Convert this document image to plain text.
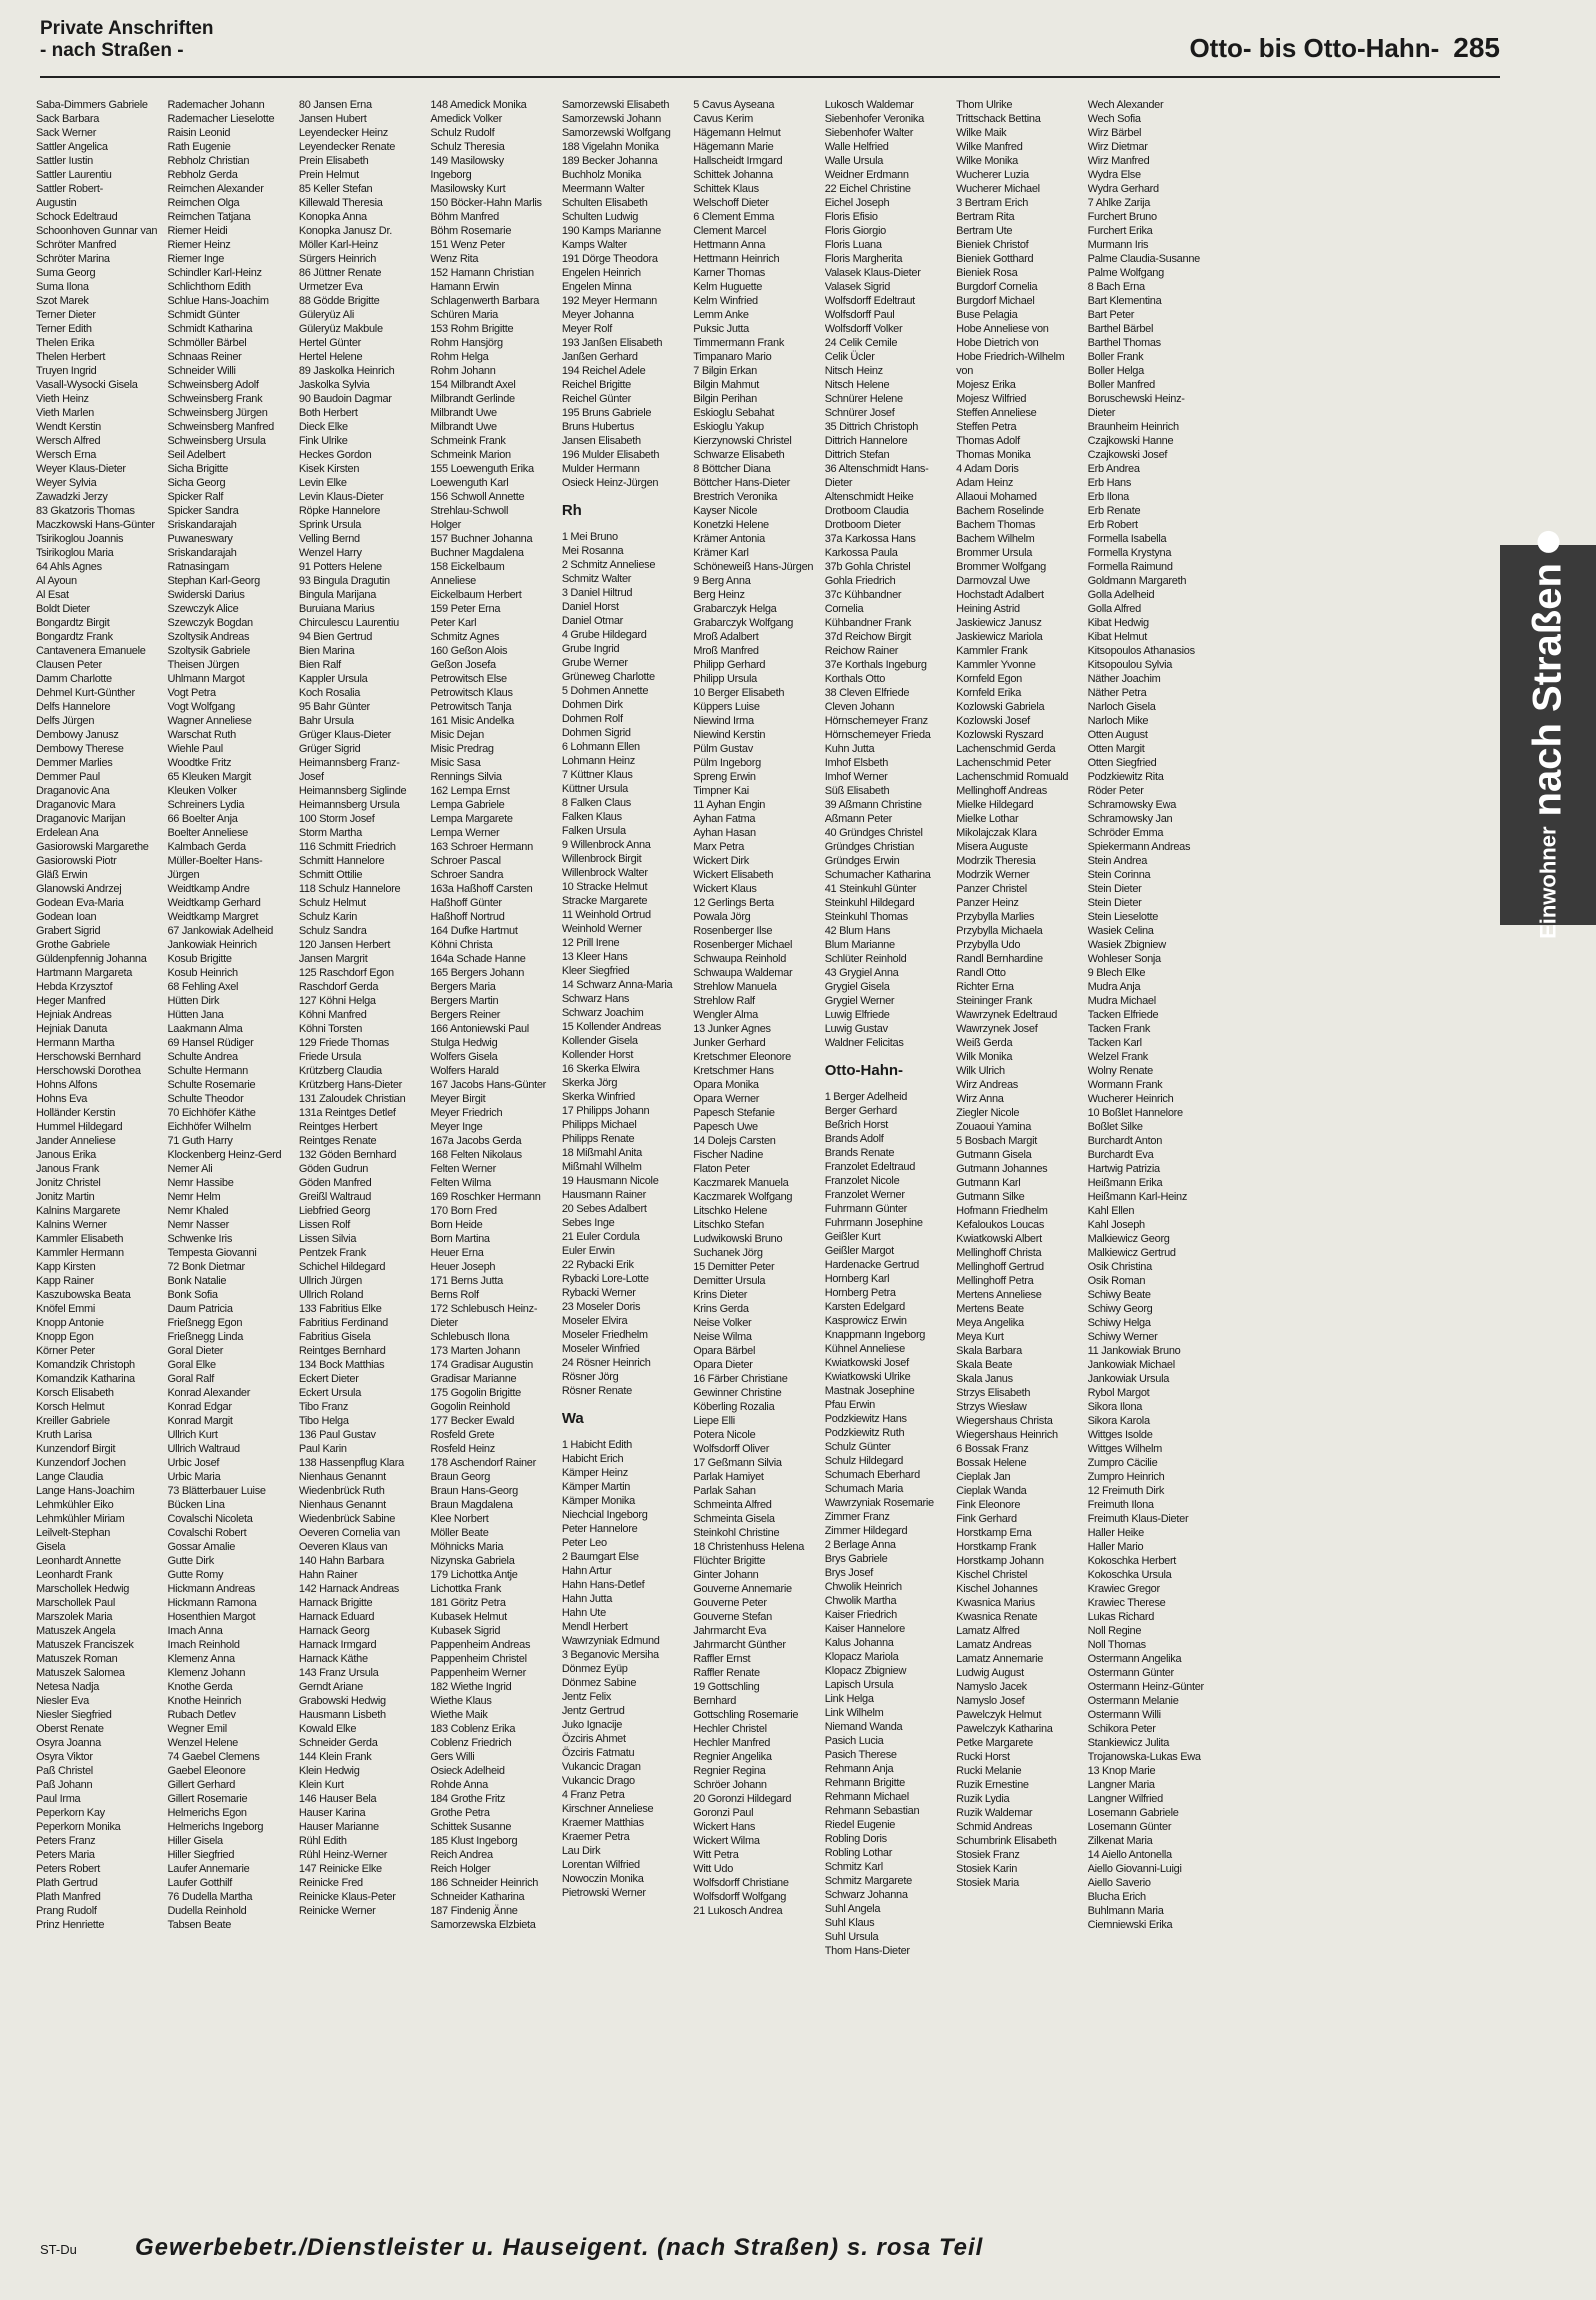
Private Anschriften
- nach Straßen -	Otto- bis Otto-Hahn- 285
Saba-Dimmers Gabriele
Sack Barbara
Sack Werner
Sattler Angelica
Sattler Iustin
Sattler Laurentiu
Sattler Robert-
Augustin
Schock Edeltraud
Schoonhoven Gunnar van
Schröter Manfred
Schröter Marina
Suma Georg
Suma Ilona
Szot Marek
Terner Dieter
Terner Edith
Thelen Erika
Thelen Herbert
Truyen Ingrid
Vasall-Wysocki Gisela
Vieth Heinz
Vieth Marlen
Wendt Kerstin
Wersch Alfred
Wersch Erna
Weyer Klaus-Dieter
Weyer Sylvia
Zawadzki Jerzy
83 Gkatzoris Thomas
Maczkowski Hans-Günter
Tsirikoglou Joannis
Tsirikoglou Maria
64 Ahls Agnes
Al Ayoun
Al Esat
Boldt Dieter
Bongardtz Birgit
Bongardtz Frank
Cantavenera Emanuele
Clausen Peter
Damm Charlotte
Dehmel Kurt-Günther
Delfs Hannelore
Delfs Jürgen
Dembowy Janusz
Dembowy Therese
Demmer Marlies
Demmer Paul
Draganovic Ana
Draganovic Mara
Draganovic Marijan
Erdelean Ana
Gasiorowski Margarethe
Gasiorowski Piotr
Gläß Erwin
Glanowski Andrzej
Godean Eva-Maria
Godean Ioan
Grabert Sigrid
Grothe Gabriele
Güldenpfennig Johanna
Hartmann Margareta
Hebda Krzysztof
Heger Manfred
Hejniak Andreas
Hejniak Danuta
Hermann Martha
Herschowski Bernhard
Herschowski Dorothea
Hohns Alfons
Hohns Eva
Holländer Kerstin
Hummel Hildegard
Jander Anneliese
Janous Erika
Janous Frank
Jonitz Christel
Jonitz Martin
Kalnins Margarete
Kalnins Werner
Kammler Elisabeth
Kammler Hermann
Kapp Kirsten
Kapp Rainer
Kaszubowska Beata
Knöfel Emmi
Knopp Antonie
Knopp Egon
Körner Peter
Komandzik Christoph
Komandzik Katharina
Korsch Elisabeth
Korsch Helmut
Kreiller Gabriele
Kruth Larisa
Kunzendorf Birgit
Kunzendorf Jochen
Lange Claudia
Lange Hans-Joachim
Lehmkühler Eiko
Lehmkühler Miriam
Leilvelt-Stephan
Gisela
Leonhardt Annette
Leonhardt Frank
Marschollek Hedwig
Marschollek Paul
Marszolek Maria
Matuszek Angela
Matuszek Franciszek
Matuszek Roman
Matuszek Salomea
Netesa Nadja
Niesler Eva
Niesler Siegfried
Oberst Renate
Osyra Joanna
Osyra Viktor
Paß Christel
Paß Johann
Paul Irma
Peperkorn Kay
Peperkorn Monika
Peters Franz
Peters Maria
Peters Robert
Plath Gertrud
Plath Manfred
Prang Rudolf
Prinz Henriette
Rademacher Johann
Rademacher Lieselotte
Raisin Leonid
Rath Eugenie
Rebholz Christian
Rebholz Gerda
Reimchen Alexander
Reimchen Olga
Reimchen Tatjana
Riemer Heidi
Riemer Heinz
Riemer Inge
Schindler Karl-Heinz
Schlichthorn Edith
Schlue Hans-Joachim
Schmidt Günter
Schmidt Katharina
Schmöller Bärbel
Schnaas Reiner
Schneider Willi
Schweinsberg Adolf
Schweinsberg Frank
Schweinsberg Jürgen
Schweinsberg Manfred
Schweinsberg Ursula
Seil Adelbert
Sicha Brigitte
Sicha Georg
Spicker Ralf
Spicker Sandra
Sriskandarajah
Puwaneswary
Sriskandarajah
Ratnasingam
Stephan Karl-Georg
Swiderski Darius
Szewczyk Alice
Szewczyk Bogdan
Szoltysik Andreas
Szoltysik Gabriele
Theisen Jürgen
Uhlmann Margot
Vogt Petra
Vogt Wolfgang
Wagner Anneliese
Warschat Ruth
Wiehle Paul
Woodtke Fritz
65 Kleuken Margit
Kleuken Volker
Schreiners Lydia
66 Boelter Anja
Boelter Anneliese
Kalmbach Gerda
Müller-Boelter Hans-
Jürgen
Weidtkamp Andre
Weidtkamp Gerhard
Weidtkamp Margret
67 Jankowiak Adelheid
Jankowiak Heinrich
Kosub Brigitte
Kosub Heinrich
68 Fehling Axel
Hütten Dirk
Hütten Jana
Laakmann Alma
69 Hansel Rüdiger
Schulte Andrea
Schulte Hermann
Schulte Rosemarie
Schulte Theodor
70 Eichhöfer Käthe
Eichhöfer Wilhelm
71 Guth Harry
Klockenberg Heinz-Gerd
Nemer Ali
Nemr Hassibe
Nemr Helm
Nemr Khaled
Nemr Nasser
Schwenke Iris
Tempesta Giovanni
72 Bonk Dietmar
Bonk Natalie
Bonk Sofia
Daum Patricia
Frießnegg Egon
Frießnegg Linda
Goral Dieter
Goral Elke
Goral Ralf
Konrad Alexander
Konrad Edgar
Konrad Margit
Ullrich Kurt
Ullrich Waltraud
Urbic Josef
Urbic Maria
73 Blätterbauer Luise
Bücken Lina
Covalschi Nicoleta
Covalschi Robert
Gossar Amalie
Gutte Dirk
Gutte Romy
Hickmann Andreas
Hickmann Ramona
Hosenthien Margot
Imach Anna
Imach Reinhold
Klemenz Anna
Klemenz Johann
Knothe Gerda
Knothe Heinrich
Rubach Detlev
Wegner Emil
Wenzel Helene
74 Gaebel Clemens
Gaebel Eleonore
Gillert Gerhard
Gillert Rosemarie
Helmerichs Egon
Helmerichs Ingeborg
Hiller Gisela
Hiller Siegfried
Laufer Annemarie
Laufer Gotthilf
76 Dudella Martha
Dudella Reinhold
Tabsen Beate
80 Jansen Erna
Jansen Hubert
Leyendecker Heinz
Leyendecker Renate
Prein Elisabeth
Prein Helmut
85 Keller Stefan
Killewald Theresia
Konopka Anna
Konopka Janusz Dr.
Möller Karl-Heinz
Sürgers Heinrich
86 Jüttner Renate
Urmetzer Eva
88 Gödde Brigitte
Güleryüz Ali
Güleryüz Makbule
Hertel Günter
Hertel Helene
89 Jaskolka Heinrich
Jaskolka Sylvia
90 Baudoin Dagmar
Both Herbert
Dieck Elke
Fink Ulrike
Heckes Gordon
Kisek Kirsten
Levin Elke
Levin Klaus-Dieter
Röpke Hannelore
Sprink Ursula
Velling Bernd
Wenzel Harry
91 Potters Helene
93 Bingula Dragutin
Bingula Marijana
Buruiana Marius
Chirculescu Laurentiu
94 Bien Gertrud
Bien Marina
Bien Ralf
Kappler Ursula
Koch Rosalia
95 Bahr Günter
Bahr Ursula
Grüger Klaus-Dieter
Grüger Sigrid
Heimannsberg Franz-
Josef
Heimannsberg Siglinde
Heimannsberg Ursula
100 Storm Josef
Storm Martha
116 Schmitt Friedrich
Schmitt Hannelore
Schmitt Ottilie
118 Schulz Hannelore
Schulz Helmut
Schulz Karin
Schulz Sandra
120 Jansen Herbert
Jansen Margrit
125 Raschdorf Egon
Raschdorf Gerda
127 Köhni Helga
Köhni Manfred
Köhni Torsten
129 Friede Thomas
Friede Ursula
Krützberg Claudia
Krützberg Hans-Dieter
131 Zaloudek Christian
131a Reintges Detlef
Reintges Herbert
Reintges Renate
132 Göden Bernhard
Göden Gudrun
Göden Manfred
Greißl Waltraud
Liebfried Georg
Lissen Rolf
Lissen Silvia
Pentzek Frank
Schichel Hildegard
Ullrich Jürgen
Ullrich Roland
133 Fabritius Elke
Fabritius Ferdinand
Fabritius Gisela
Reintges Bernhard
134 Bock Matthias
Eckert Dieter
Eckert Ursula
Tibo Franz
Tibo Helga
136 Paul Gustav
Paul Karin
138 Hassenpflug Klara
Nienhaus Genannt
Wiedenbrück Ruth
Nienhaus Genannt
Wiedenbrück Sabine
Oeveren Cornelia van
Oeveren Klaus van
140 Hahn Barbara
Hahn Rainer
142 Harnack Andreas
Harnack Brigitte
Harnack Eduard
Harnack Georg
Harnack Irmgard
Harnack Käthe
143 Franz Ursula
Gerndt Ariane
Grabowski Hedwig
Hausmann Lisbeth
Kowald Elke
Schneider Gerda
144 Klein Frank
Klein Hedwig
Klein Kurt
146 Hauser Bela
Hauser Karina
Hauser Marianne
Rühl Edith
Rühl Heinz-Werner
147 Reinicke Elke
Reinicke Fred
Reinicke Klaus-Peter
Reinicke Werner
148 Amedick Monika
Amedick Volker
Schulz Rudolf
Schulz Theresia
149 Masilowsky
Ingeborg
Masilowsky Kurt
150 Böcker-Hahn Marlis
Böhm Manfred
Böhm Rosemarie
151 Wenz Peter
Wenz Rita
152 Hamann Christian
Hamann Erwin
Schlagenwerth Barbara
Schüren Maria
153 Rohm Brigitte
Rohm Hansjörg
Rohm Helga
Rohm Johann
154 Milbrandt Axel
Milbrandt Gerlinde
Milbrandt Uwe
Milbrandt Uwe
Schmeink Frank
Schmeink Marion
155 Loewenguth Erika
Loewenguth Karl
156 Schwoll Annette
Strehlau-Schwoll
Holger
157 Buchner Johanna
Buchner Magdalena
158 Eickelbaum
Anneliese
Eickelbaum Herbert
159 Peter Erna
Peter Karl
Schmitz Agnes
160 Geßon Alois
Geßon Josefa
Petrowitsch Else
Petrowitsch Klaus
Petrowitsch Tanja
161 Misic Andelka
Misic Dejan
Misic Predrag
Misic Sasa
Rennings Silvia
162 Lempa Ernst
Lempa Gabriele
Lempa Margarete
Lempa Werner
163 Schroer Hermann
Schroer Pascal
Schroer Sandra
163a Haßhoff Carsten
Haßhoff Günter
Haßhoff Nortrud
164 Dufke Hartmut
Köhni Christa
164a Schade Hanne
165 Bergers Johann
Bergers Maria
Bergers Martin
Bergers Reiner
166 Antoniewski Paul
Stulga Hedwig
Wolfers Gisela
Wolfers Harald
167 Jacobs Hans-Günter
Meyer Birgit
Meyer Friedrich
Meyer Inge
167a Jacobs Gerda
168 Felten Nikolaus
Felten Werner
Felten Wilma
169 Roschker Hermann
170 Born Fred
Born Heide
Born Martina
Heuer Erna
Heuer Joseph
171 Berns Jutta
Berns Rolf
172 Schlebusch Heinz-
Dieter
Schlebusch Ilona
173 Marten Johann
174 Gradisar Augustin
Gradisar Marianne
175 Gogolin Brigitte
Gogolin Reinhold
177 Becker Ewald
Rosfeld Grete
Rosfeld Heinz
178 Aschendorf Rainer
Braun Georg
Braun Hans-Georg
Braun Magdalena
Klee Norbert
Möller Beate
Möhnicks Maria
Nizynska Gabriela
179 Lichottka Antje
Lichottka Frank
181 Göritz Petra
Kubasek Helmut
Kubasek Sigrid
Pappenheim Andreas
Pappenheim Christel
Pappenheim Werner
182 Wiethe Ingrid
Wiethe Klaus
Wiethe Maik
183 Coblenz Erika
Coblenz Friedrich
Gers Willi
Osieck Adelheid
Rohde Anna
184 Grothe Fritz
Grothe Petra
Schittek Susanne
185 Klust Ingeborg
Reich Andrea
Reich Holger
186 Schneider Heinrich
Schneider Katharina
187 Findenig Änne
Samorzewska Elzbieta
Samorzewski Elisabeth
Samorzewski Johann
Samorzewski Wolfgang
188 Vigelahn Monika
189 Becker Johanna
Buchholz Monika
Meermann Walter
Schulten Elisabeth
Schulten Ludwig
190 Kamps Marianne
Kamps Walter
191 Dörge Theodora
Engelen Heinrich
Engelen Minna
192 Meyer Hermann
Meyer Johanna
Meyer Rolf
193 Janßen Elisabeth
Janßen Gerhard
194 Reichel Adele
Reichel Brigitte
Reichel Günter
195 Bruns Gabriele
Bruns Hubertus
Jansen Elisabeth
196 Mulder Elisabeth
Mulder Hermann
Osieck Heinz-Jürgen
Rh
1 Mei Bruno
Mei Rosanna
2 Schmitz Anneliese
Schmitz Walter
3 Daniel Hiltrud
Daniel Horst
Daniel Otmar
4 Grube Hildegard
Grube Ingrid
Grube Werner
Grüneweg Charlotte
5 Dohmen Annette
Dohmen Dirk
Dohmen Rolf
Dohmen Sigrid
6 Lohmann Ellen
Lohmann Heinz
7 Küttner Klaus
Küttner Ursula
8 Falken Claus
Falken Klaus
Falken Ursula
9 Willenbrock Anna
Willenbrock Birgit
Willenbrock Walter
10 Stracke Helmut
Stracke Margarete
11 Weinhold Ortrud
Weinhold Werner
12 Prill Irene
13 Kleer Hans
Kleer Siegfried
14 Schwarz Anna-Maria
Schwarz Hans
Schwarz Joachim
15 Kollender Andreas
Kollender Gisela
Kollender Horst
16 Skerka Elwira
Skerka Jörg
Skerka Winfried
17 Philipps Johann
Philipps Michael
Philipps Renate
18 Mißmahl Anita
Mißmahl Wilhelm
19 Hausmann Nicole
Hausmann Rainer
20 Sebes Adalbert
Sebes Inge
21 Euler Cordula
Euler Erwin
22 Rybacki Erik
Rybacki Lore-Lotte
Rybacki Werner
23 Moseler Doris
Moseler Elvira
Moseler Friedhelm
Moseler Winfried
24 Rösner Heinrich
Rösner Jörg
Rösner Renate
Wa
1 Habicht Edith
Habicht Erich
Kämper Heinz
Kämper Martin
Kämper Monika
Niechcial Ingeborg
Peter Hannelore
Peter Leo
2 Baumgart Else
Hahn Artur
Hahn Hans-Detlef
Hahn Jutta
Hahn Ute
Mendl Herbert
Wawrzyniak Edmund
3 Beganovic Mersiha
Dönmez Eyüp
Dönmez Sabine
Jentz Felix
Jentz Gertrud
Juko Ignacije
Özciris Ahmet
Özciris Fatmatu
Vukancic Dragan
Vukancic Drago
4 Franz Petra
Kirschner Anneliese
Kraemer Matthias
Kraemer Petra
Lau Dirk
Lorentan Wilfried
Nowoczin Monika
Pietrowski Werner
5 Cavus Ayseana
Cavus Kerim
Hägemann Helmut
Hägemann Marie
Hallscheidt Irmgard
Schittek Johanna
Schittek Klaus
Welschoff Dieter
6 Clement Emma
Clement Marcel
Hettmann Anna
Hettmann Heinrich
Karner Thomas
Kelm Huguette
Kelm Winfried
Lemm Anke
Puksic Jutta
Timmermann Frank
Timpanaro Mario
7 Bilgin Erkan
Bilgin Mahmut
Bilgin Perihan
Eskioglu Sebahat
Eskioglu Yakup
Kierzynowski Christel
Schwarze Elisabeth
8 Böttcher Diana
Böttcher Hans-Dieter
Brestrich Veronika
Kayser Nicole
Konetzki Helene
Krämer Antonia
Krämer Karl
Schöneweiß Hans-Jürgen
9 Berg Anna
Berg Heinz
Grabarczyk Helga
Grabarczyk Wolfgang
Mroß Adalbert
Mroß Manfred
Philipp Gerhard
Philipp Ursula
10 Berger Elisabeth
Küppers Luise
Niewind Irma
Niewind Kerstin
Pülm Gustav
Pülm Ingeborg
Spreng Erwin
Timpner Kai
11 Ayhan Engin
Ayhan Fatma
Ayhan Hasan
Marx Petra
Wickert Dirk
Wickert Elisabeth
Wickert Klaus
12 Gerlings Berta
Powala Jörg
Rosenberger Ilse
Rosenberger Michael
Schwaupa Reinhold
Schwaupa Waldemar
Strehlow Manuela
Strehlow Ralf
Wengler Alma
13 Junker Agnes
Junker Gerhard
Kretschmer Eleonore
Kretschmer Hans
Opara Monika
Opara Werner
Papesch Stefanie
Papesch Uwe
14 Dolejs Carsten
Fischer Nadine
Flaton Peter
Kaczmarek Manuela
Kaczmarek Wolfgang
Litschko Helene
Litschko Stefan
Ludwikowski Bruno
Suchanek Jörg
15 Demitter Peter
Demitter Ursula
Krins Dieter
Krins Gerda
Neise Volker
Neise Wilma
Opara Bärbel
Opara Dieter
16 Färber Christiane
Gewinner Christine
Köberling Rozalia
Liepe Elli
Potera Nicole
Wolfsdorff Oliver
17 Geßmann Silvia
Parlak Hamiyet
Parlak Sahan
Schmeinta Alfred
Schmeinta Gisela
Steinkohl Christine
18 Christenhuss Helena
Flüchter Brigitte
Ginter Johann
Gouverne Annemarie
Gouverne Peter
Gouverne Stefan
Jahrmarcht Eva
Jahrmarcht Günther
Raffler Ernst
Raffler Renate
19 Gottschling
Bernhard
Gottschling Rosemarie
Hechler Christel
Hechler Manfred
Regnier Angelika
Regnier Regina
Schröer Johann
20 Goronzi Hildegard
Goronzi Paul
Wickert Hans
Wickert Wilma
Witt Petra
Witt Udo
Wolfsdorff Christiane
Wolfsdorff Wolfgang
21 Lukosch Andrea
Lukosch Waldemar
Siebenhofer Veronika
Siebenhofer Walter
Walle Helfried
Walle Ursula
Weidner Erdmann
22 Eichel Christine
Eichel Joseph
Floris Efisio
Floris Giorgio
Floris Luana
Floris Margherita
Valasek Klaus-Dieter
Valasek Sigrid
Wolfsdorff Edeltraut
Wolfsdorff Paul
Wolfsdorff Volker
24 Celik Cemile
Celik Ücler
Nitsch Heinz
Nitsch Helene
Schnürer Helene
Schnürer Josef
35 Dittrich Christoph
Dittrich Hannelore
Dittrich Stefan
36 Altenschmidt Hans-
Dieter
Altenschmidt Heike
Drotboom Claudia
Drotboom Dieter
37a Karkossa Hans
Karkossa Paula
37b Gohla Christel
Gohla Friedrich
37c Kühbandner
Cornelia
Kühbandner Frank
37d Reichow Birgit
Reichow Rainer
37e Korthals Ingeburg
Korthals Otto
38 Cleven Elfriede
Cleven Johann
Hörnschemeyer Franz
Hörnschemeyer Frieda
Kuhn Jutta
Imhof Elsbeth
Imhof Werner
Süß Elisabeth
39 Aßmann Christine
Aßmann Peter
40 Gründges Christel
Gründges Christian
Gründges Erwin
Schumacher Katharina
41 Steinkuhl Günter
Steinkuhl Hildegard
Steinkuhl Thomas
42 Blum Hans
Blum Marianne
Schlüter Reinhold
43 Grygiel Anna
Grygiel Gisela
Grygiel Werner
Luwig Elfriede
Luwig Gustav
Waldner Felicitas
Otto-Hahn-
1 Berger Adelheid
Berger Gerhard
Beßrich Horst
Brands Adolf
Brands Renate
Franzolet Edeltraud
Franzolet Nicole
Franzolet Werner
Fuhrmann Günter
Fuhrmann Josephine
Geißler Kurt
Geißler Margot
Hardenacke Gertrud
Hornberg Karl
Hornberg Petra
Karsten Edelgard
Kasprowicz Erwin
Knappmann Ingeborg
Kühnel Anneliese
Kwiatkowski Josef
Kwiatkowski Ulrike
Mastnak Josephine
Pfau Erwin
Podzkiewitz Hans
Podzkiewitz Ruth
Schulz Günter
Schulz Hildegard
Schumach Eberhard
Schumach Maria
Wawrzyniak Rosemarie
Zimmer Franz
Zimmer Hildegard
2 Berlage Anna
Brys Gabriele
Brys Josef
Chwolik Heinrich
Chwolik Martha
Kaiser Friedrich
Kaiser Hannelore
Kalus Johanna
Klopacz Mariola
Klopacz Zbigniew
Lapisch Ursula
Link Helga
Link Wilhelm
Niemand Wanda
Pasich Lucia
Pasich Therese
Rehmann Anja
Rehmann Brigitte
Rehmann Michael
Rehmann Sebastian
Riedel Eugenie
Robling Doris
Robling Lothar
Schmitz Karl
Schmitz Margarete
Schwarz Johanna
Suhl Angela
Suhl Klaus
Suhl Ursula
Thom Hans-Dieter
Thom Ulrike
Trittschack Bettina
Wilke Maik
Wilke Manfred
Wilke Monika
Wucherer Luzia
Wucherer Michael
3 Bertram Erich
Bertram Rita
Bertram Ute
Bieniek Christof
Bieniek Gotthard
Bieniek Rosa
Burgdorf Cornelia
Burgdorf Michael
Buse Pelagia
Hobe Anneliese von
Hobe Dietrich von
Hobe Friedrich-Wilhelm
von
Mojesz Erika
Mojesz Wilfried
Steffen Anneliese
Steffen Petra
Thomas Adolf
Thomas Monika
4 Adam Doris
Adam Heinz
Allaoui Mohamed
Bachem Roselinde
Bachem Thomas
Bachem Wilhelm
Brommer Ursula
Brommer Wolfgang
Darmovzal Uwe
Hochstadt Adalbert
Heining Astrid
Jaskiewicz Janusz
Jaskiewicz Mariola
Kammler Frank
Kammler Yvonne
Kornfeld Egon
Kornfeld Erika
Kozlowski Gabriela
Kozlowski Josef
Kozlowski Ryszard
Lachenschmid Gerda
Lachenschmid Peter
Lachenschmid Romuald
Mellinghoff Andreas
Mielke Hildegard
Mielke Lothar
Mikolajczak Klara
Misera Auguste
Modrzik Theresia
Modrzik Werner
Panzer Christel
Panzer Heinz
Przybylla Marlies
Przybylla Michaela
Przybylla Udo
Randl Bernhardine
Randl Otto
Richter Erna
Steininger Frank
Wawrzynek Edeltraud
Wawrzynek Josef
Weiß Gerda
Wilk Monika
Wilk Ulrich
Wirz Andreas
Wirz Anna
Ziegler Nicole
Zouaoui Yamina
5 Bosbach Margit
Gutmann Gisela
Gutmann Johannes
Gutmann Karl
Gutmann Silke
Hofmann Friedhelm
Kefaloukos Loucas
Kwiatkowski Albert
Mellinghoff Christa
Mellinghoff Gertrud
Mellinghoff Petra
Mertens Anneliese
Mertens Beate
Meya Angelika
Meya Kurt
Skala Barbara
Skala Beate
Skala Janus
Strzys Elisabeth
Strzys Wiesław
Wiegershaus Christa
Wiegershaus Heinrich
6 Bossak Franz
Bossak Helene
Cieplak Jan
Cieplak Wanda
Fink Eleonore
Fink Gerhard
Horstkamp Erna
Horstkamp Frank
Horstkamp Johann
Kischel Christel
Kischel Johannes
Kwasnica Marius
Kwasnica Renate
Lamatz Alfred
Lamatz Andreas
Lamatz Annemarie
Ludwig August
Namyslo Jacek
Namyslo Josef
Pawelczyk Helmut
Pawelczyk Katharina
Petke Margarete
Rucki Horst
Rucki Melanie
Ruzik Ernestine
Ruzik Lydia
Ruzik Waldemar
Schmid Andreas
Schumbrink Elisabeth
Stosiek Franz
Stosiek Karin
Stosiek Maria
Wech Alexander
Wech Sofia
Wirz Bärbel
Wirz Dietmar
Wirz Manfred
Wydra Else
Wydra Gerhard
7 Ahlke Zarija
Furchert Bruno
Furchert Erika
Murmann Iris
Palme Claudia-Susanne
Palme Wolfgang
8 Bach Erna
Bart Klementina
Bart Peter
Barthel Bärbel
Barthel Thomas
Boller Frank
Boller Helga
Boller Manfred
Boruschewski Heinz-
Dieter
Braunheim Heinrich
Czajkowski Hanne
Czajkowski Josef
Erb Andrea
Erb Hans
Erb Ilona
Erb Renate
Erb Robert
Formella Isabella
Formella Krystyna
Formella Raimund
Goldmann Margareth
Golla Adelheid
Golla Alfred
Kibat Hedwig
Kibat Helmut
Kitsopoulos Athanasios
Kitsopoulou Sylvia
Näther Joachim
Näther Petra
Narloch Gisela
Narloch Mike
Otten August
Otten Margit
Otten Siegfried
Podzkiewitz Rita
Röder Peter
Schramowsky Ewa
Schramowsky Jan
Schröder Emma
Spiekermann Andreas
Stein Andrea
Stein Corinna
Stein Dieter
Stein Dieter
Stein Lieselotte
Wasiek Celina
Wasiek Zbigniew
Wohleser Sonja
9 Blech Elke
Mudra Anja
Mudra Michael
Tacken Elfriede
Tacken Frank
Tacken Karl
Welzel Frank
Wolny Renate
Wormann Frank
Wucherer Heinrich
10 Boßlet Hannelore
Boßlet Silke
Burchardt Anton
Burchardt Eva
Hartwig Patrizia
Heißmann Erika
Heißmann Karl-Heinz
Kahl Ellen
Kahl Joseph
Malkiewicz Georg
Malkiewicz Gertrud
Osik Christina
Osik Roman
Schiwy Beate
Schiwy Georg
Schiwy Helga
Schiwy Werner
11 Jankowiak Bruno
Jankowiak Michael
Jankowiak Ursula
Rybol Margot
Sikora Ilona
Sikora Karola
Wittges Isolde
Wittges Wilhelm
Zumpro Cäcilie
Zumpro Heinrich
12 Freimuth Dirk
Freimuth Ilona
Freimuth Klaus-Dieter
Haller Heike
Haller Mario
Kokoschka Herbert
Kokoschka Ursula
Krawiec Gregor
Krawiec Therese
Lukas Richard
Noll Regine
Noll Thomas
Ostermann Angelika
Ostermann Günter
Ostermann Heinz-Günter
Ostermann Melanie
Ostermann Willi
Schikora Peter
Stankiewicz Julita
Trojanowska-Lukas Ewa
13 Knop Marie
Langner Maria
Langner Wilfried
Losemann Gabriele
Losemann Günter
Zilkenat Maria
14 Aiello Antonella
Aiello Giovanni-Luigi
Aiello Saverio
Blucha Erich
Buhlmann Maria
Ciemniewski Erika
Einwohner
nach Straßen
ST-Du Gewerbebetr./Dienstleister u. Hauseigent. (nach Straßen) s. rosa Teil
